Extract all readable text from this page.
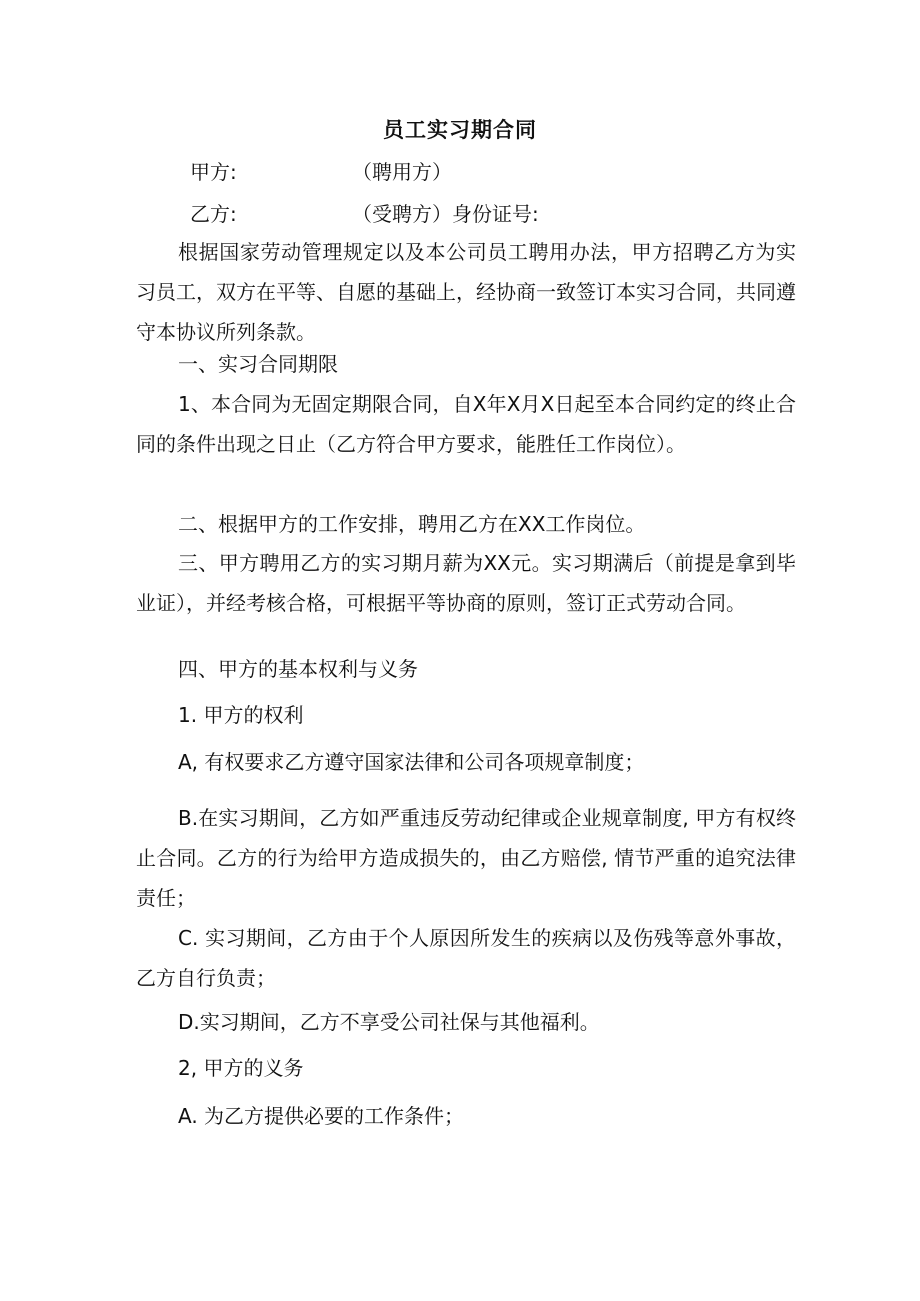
员工实习期合同
甲方:	（聘用方）
乙方:	（受聘方）身份证号:
根据国家劳动管理规定以及本公司员工聘用办法，甲方招聘乙方为实习员工，双方在平等、自愿的基础上，经协商一致签订本实习合同，共同遵守本协议所列条款。
一、实习合同期限
1、本合同为无固定期限合同，自X年X月X日起至本合同约定的终止合同的条件出现之日止（乙方符合甲方要求，能胜任工作岗位）。
二、根据甲方的工作安排，聘用乙方在XX工作岗位。
三、甲方聘用乙方的实习期月薪为XX元。实习期满后（前提是拿到毕业证），并经考核合格，可根据平等协商的原则，签订正式劳动合同。
四、甲方的基本权利与义务
1. 甲方的权利
A, 有权要求乙方遵守国家法律和公司各项规章制度；
B.在实习期间，乙方如严重违反劳动纪律或企业规章制度, 甲方有权终止合同。乙方的行为给甲方造成损失的，由乙方赔偿, 情节严重的追究法律责任；
C. 实习期间，乙方由于个人原因所发生的疾病以及伤残等意外事故，乙方自行负责；
D.实习期间，乙方不享受公司社保与其他福利。
2, 甲方的义务
A. 为乙方提供必要的工作条件；
